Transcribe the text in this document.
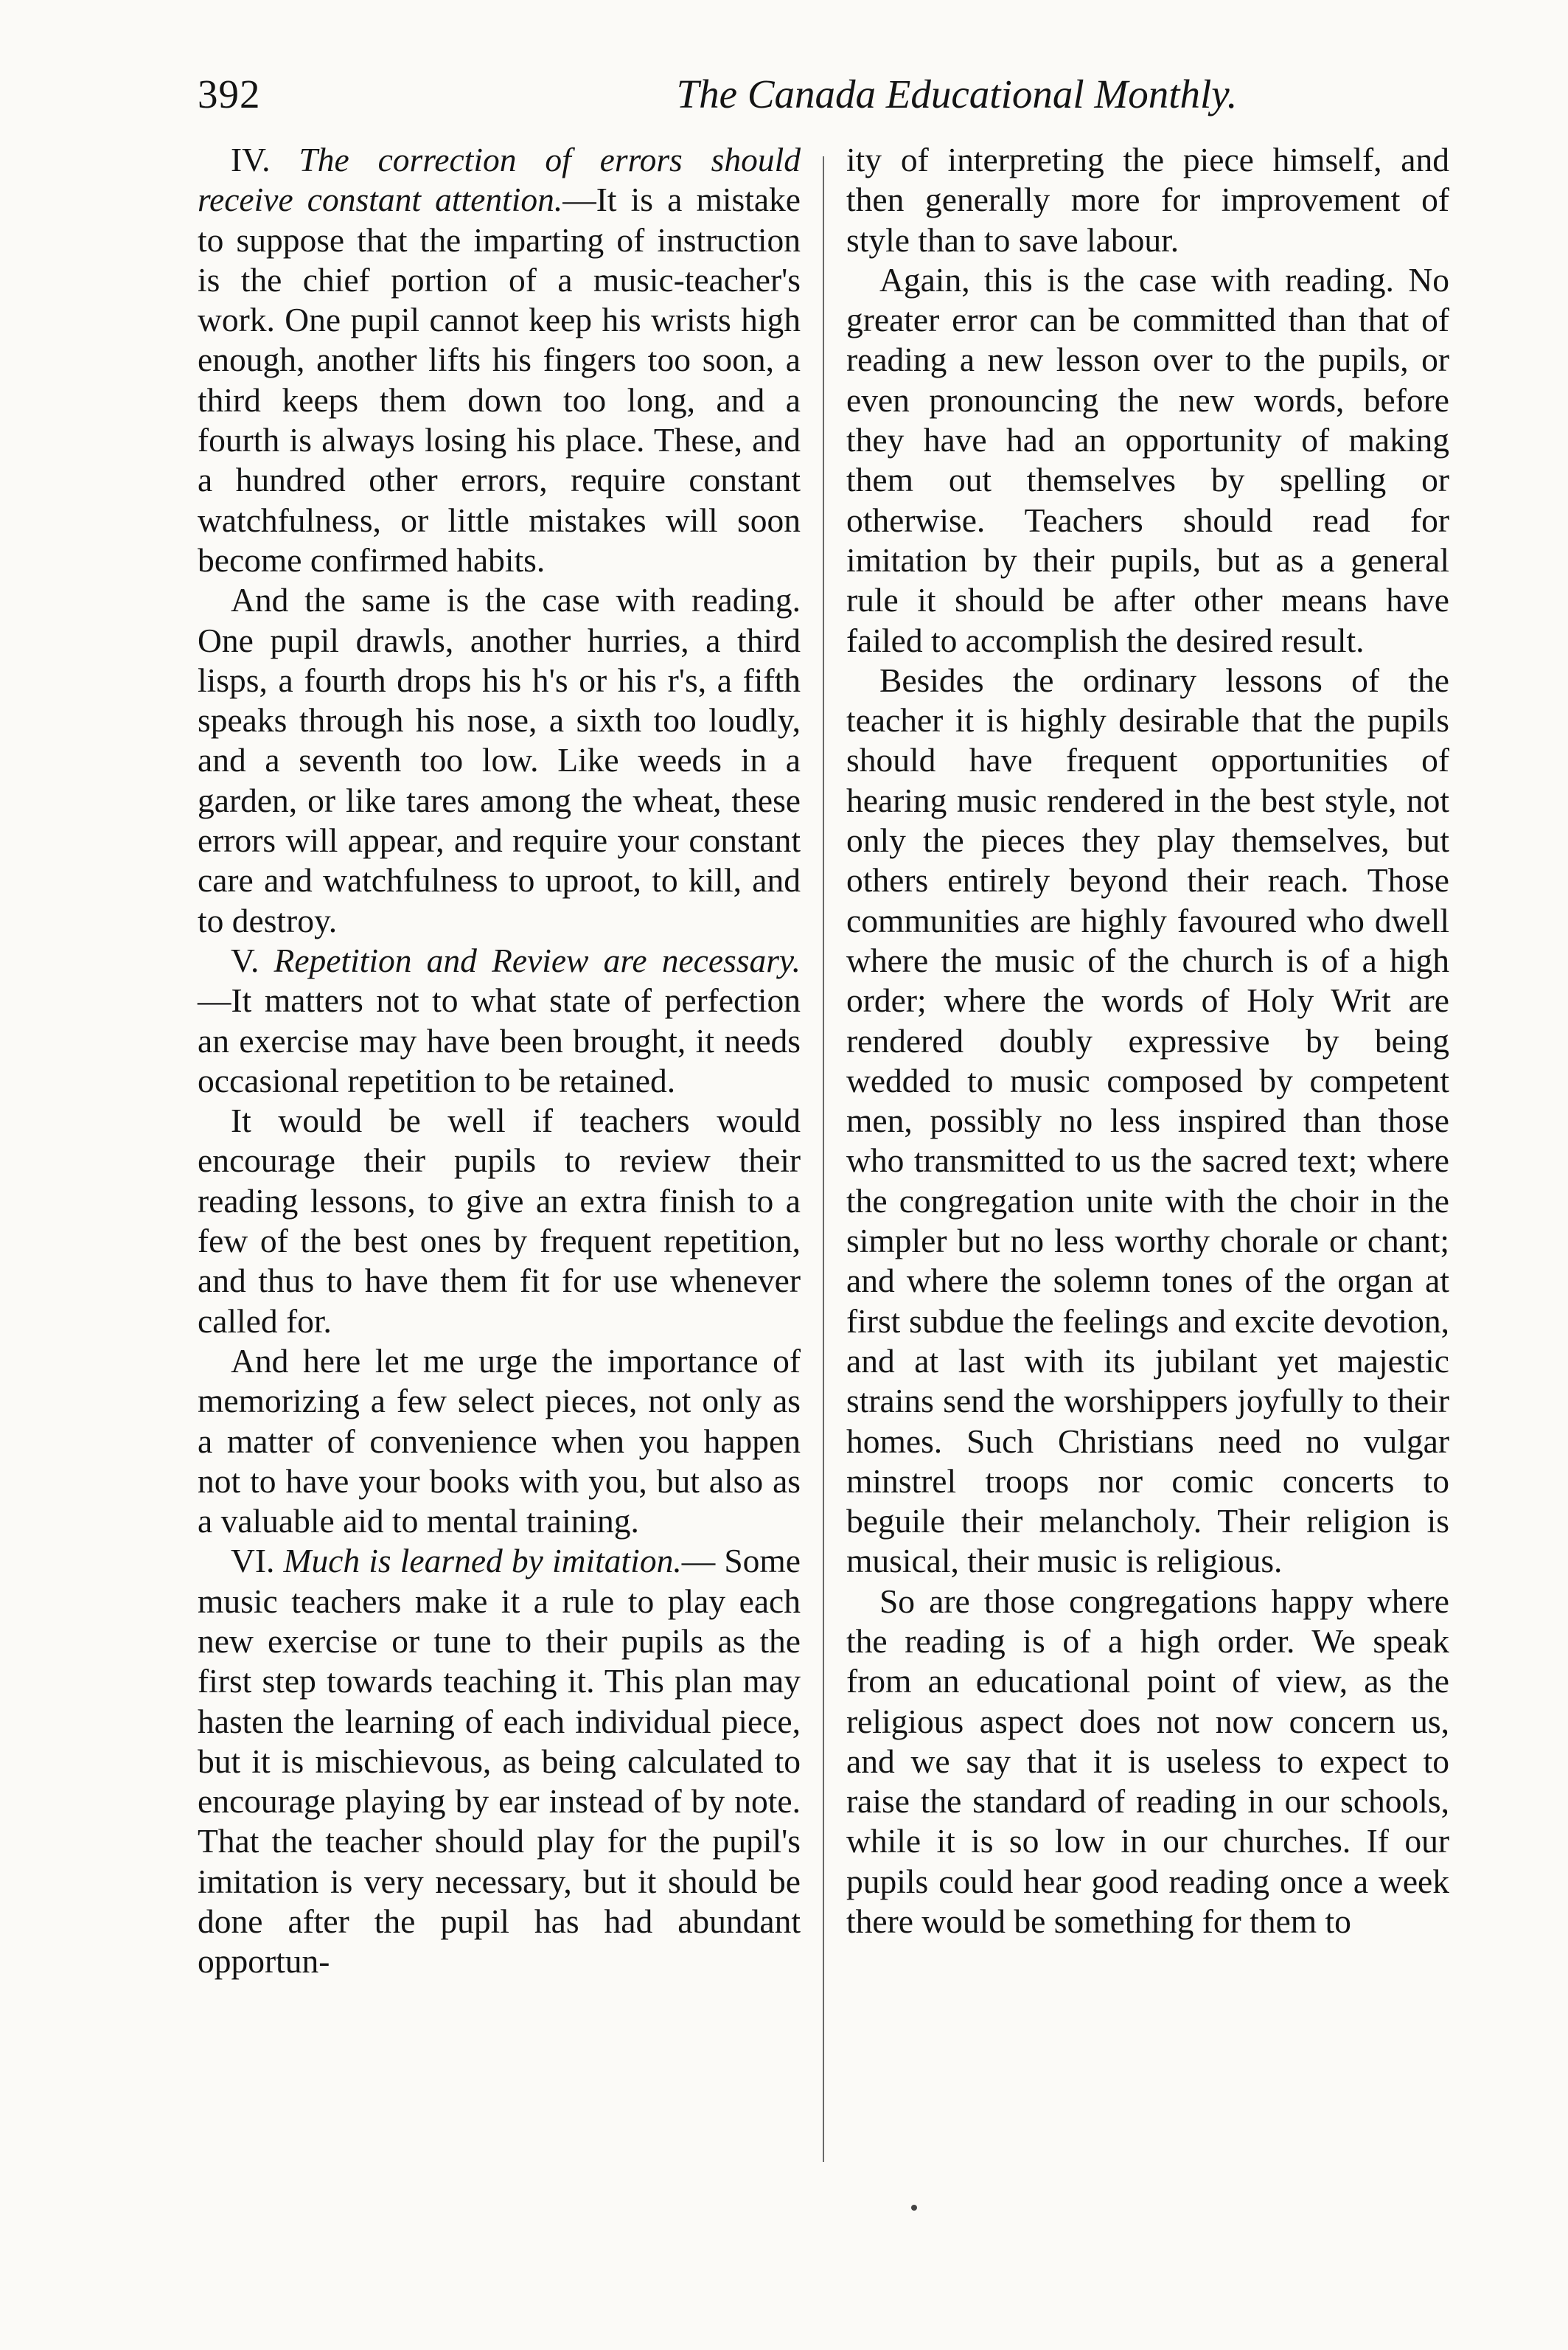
392	The Canada Educational Monthly.

IV. The correction of errors should receive constant attention.—It is a mistake to suppose that the imparting of instruction is the chief portion of a music-teacher's work. One pupil cannot keep his wrists high enough, another lifts his fingers too soon, a third keeps them down too long, and a fourth is always losing his place. These, and a hundred other errors, require constant watchfulness, or little mistakes will soon become confirmed habits.

And the same is the case with reading. One pupil drawls, another hurries, a third lisps, a fourth drops his h's or his r's, a fifth speaks through his nose, a sixth too loudly, and a seventh too low. Like weeds in a garden, or like tares among the wheat, these errors will appear, and require your constant care and watchfulness to uproot, to kill, and to destroy.

V. Repetition and Review are necessary.—It matters not to what state of perfection an exercise may have been brought, it needs occasional repetition to be retained.

It would be well if teachers would encourage their pupils to review their reading lessons, to give an extra finish to a few of the best ones by frequent repetition, and thus to have them fit for use whenever called for.

And here let me urge the importance of memorizing a few select pieces, not only as a matter of convenience when you happen not to have your books with you, but also as a valuable aid to mental training.

VI. Much is learned by imitation.— Some music teachers make it a rule to play each new exercise or tune to their pupils as the first step towards teaching it. This plan may hasten the learning of each individual piece, but it is mischievous, as being calculated to encourage playing by ear instead of by note. That the teacher should play for the pupil's imitation is very necessary, but it should be done after the pupil has had abundant opportun-

ity of interpreting the piece himself, and then generally more for improvement of style than to save labour.

Again, this is the case with reading. No greater error can be committed than that of reading a new lesson over to the pupils, or even pronouncing the new words, before they have had an opportunity of making them out themselves by spelling or otherwise. Teachers should read for imitation by their pupils, but as a general rule it should be after other means have failed to accomplish the desired result.

Besides the ordinary lessons of the teacher it is highly desirable that the pupils should have frequent opportunities of hearing music rendered in the best style, not only the pieces they play themselves, but others entirely beyond their reach. Those communities are highly favoured who dwell where the music of the church is of a high order; where the words of Holy Writ are rendered doubly expressive by being wedded to music composed by competent men, possibly no less inspired than those who transmitted to us the sacred text; where the congregation unite with the choir in the simpler but no less worthy chorale or chant; and where the solemn tones of the organ at first subdue the feelings and excite devotion, and at last with its jubilant yet majestic strains send the worshippers joyfully to their homes. Such Christians need no vulgar minstrel troops nor comic concerts to beguile their melancholy. Their religion is musical, their music is religious.

So are those congregations happy where the reading is of a high order. We speak from an educational point of view, as the religious aspect does not now concern us, and we say that it is useless to expect to raise the standard of reading in our schools, while it is so low in our churches. If our pupils could hear good reading once a week there would be something for them to
